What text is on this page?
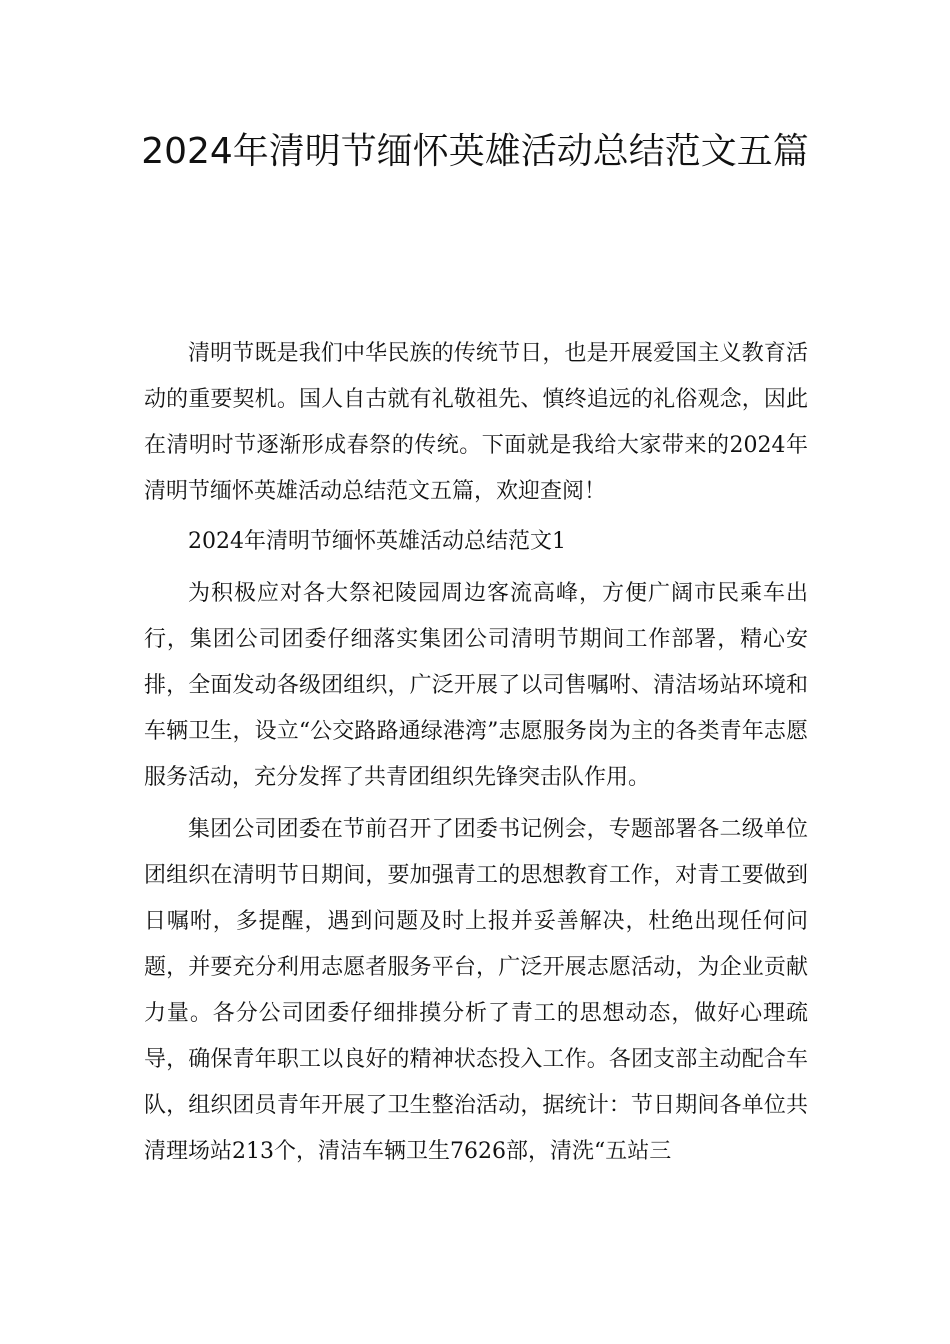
2024年清明节缅怀英雄活动总结范文五篇

清明节既是我们中华民族的传统节日，也是开展爱国主义教育活动的重要契机。国人自古就有礼敬祖先、慎终追远的礼俗观念，因此在清明时节逐渐形成春祭的传统。下面就是我给大家带来的2024年清明节缅怀英雄活动总结范文五篇，欢迎查阅！

2024年清明节缅怀英雄活动总结范文1

为积极应对各大祭祀陵园周边客流高峰，方便广阔市民乘车出行，集团公司团委仔细落实集团公司清明节期间工作部署，精心安排，全面发动各级团组织，广泛开展了以司售嘱咐、清洁场站环境和车辆卫生，设立“公交路路通绿港湾”志愿服务岗为主的各类青年志愿服务活动，充分发挥了共青团组织先锋突击队作用。

集团公司团委在节前召开了团委书记例会，专题部署各二级单位团组织在清明节日期间，要加强青工的思想教育工作，对青工要做到日嘱咐，多提醒，遇到问题及时上报并妥善解决，杜绝出现任何问题，并要充分利用志愿者服务平台，广泛开展志愿活动，为企业贡献力量。各分公司团委仔细排摸分析了青工的思想动态，做好心理疏导，确保青年职工以良好的精神状态投入工作。各团支部主动配合车队，组织团员青年开展了卫生整治活动，据统计：节日期间各单位共清理场站213个，清洁车辆卫生7626部，清洗“五站三
